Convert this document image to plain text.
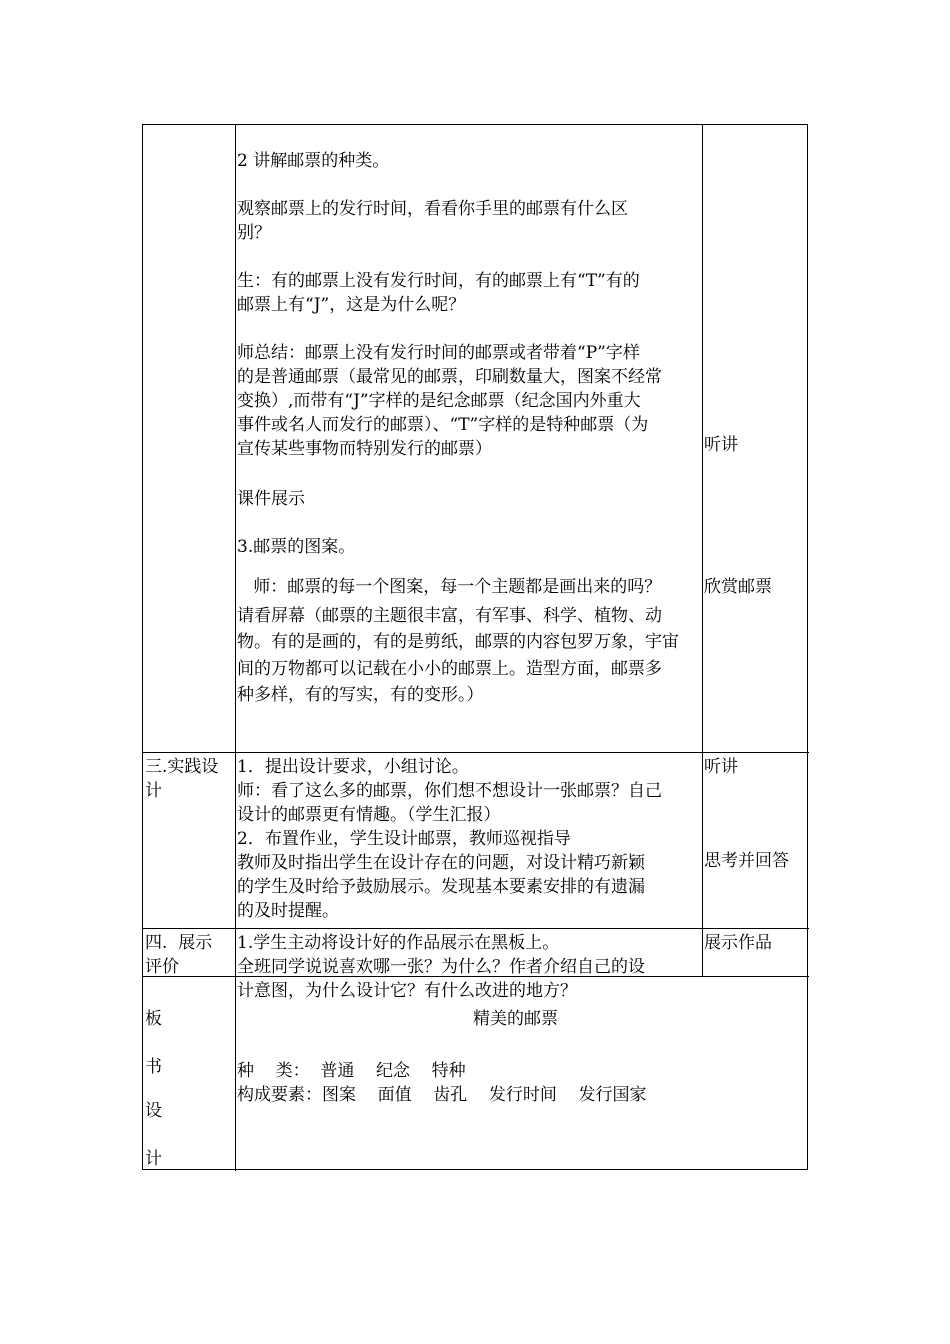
2 讲解邮票的种类。

观察邮票上的发行时间，看看你手里的邮票有什么区

别？

生：有的邮票上没有发行时间，有的邮票上有“T”有的

邮票上有“J”，这是为什么呢？

师总结：邮票上没有发行时间的邮票或者带着“P”字样

的是普通邮票（最常见的邮票，印刷数量大，图案不经常

变换）,而带有“J”字样的是纪念邮票（纪念国内外重大

事件或名人而发行的邮票）、“T”字样的是特种邮票（为

宣传某些事物而特别发行的邮票）

课件展示

3.邮票的图案。

师：邮票的每一个图案，每一个主题都是画出来的吗？

请看屏幕（邮票的主题很丰富，有军事、科学、植物、动

物。有的是画的，有的是剪纸，邮票的内容包罗万象，宇宙

间的万物都可以记载在小小的邮票上。造型方面，邮票多

种多样，有的写实，有的变形。）

听讲

欣赏邮票

三.实践设

计

1．提出设计要求，小组讨论。

师：看了这么多的邮票，你们想不想设计一张邮票？自己

设计的邮票更有情趣。（学生汇报）

2．布置作业，学生设计邮票，教师巡视指导

教师及时指出学生在设计存在的问题，对设计精巧新颖

的学生及时给予鼓励展示。发现基本要素安排的有遗漏

的及时提醒。

听讲

思考并回答

四.  展示

评价

1.学生主动将设计好的作品展示在黑板上。

全班同学说说喜欢哪一张？为什么？作者介绍自己的设

计意图，为什么设计它？有什么改进的地方？

展示作品

板

书

设

计

精美的邮票

种    类：  普通    纪念    特种

构成要素：图案    面值    齿孔    发行时间    发行国家
